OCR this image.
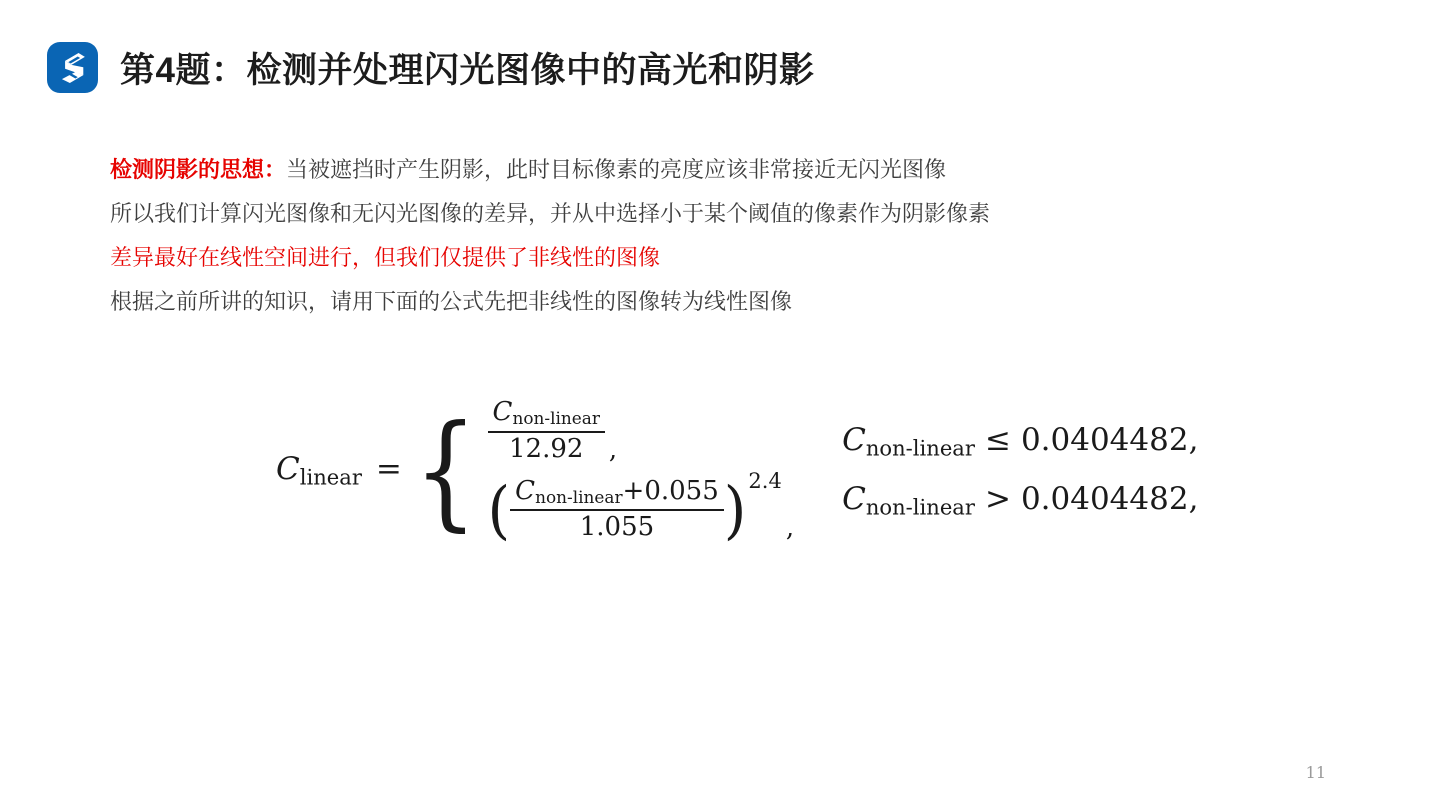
第4题：检测并处理闪光图像中的高光和阴影

检测阴影的思想：当被遮挡时产生阴影，此时目标像素的亮度应该非常接近无闪光图像

所以我们计算闪光图像和无闪光图像的差异，并从中选择小于某个阈值的像素作为阴影像素

差异最好在线性空间进行，但我们仅提供了非线性的图像

根据之前所讲的知识，请用下面的公式先把非线性的图像转为线性图像

Clinear = { $\frac{\text{Cnon-linear}}{12.92}$ ,
( $\frac{\text{Cnon-linear+0.055}}{1.055}$ ) 2.4
,
Cnon-linear ≤ 0.0404482,
Cnon-linear > 0.0404482,
11
